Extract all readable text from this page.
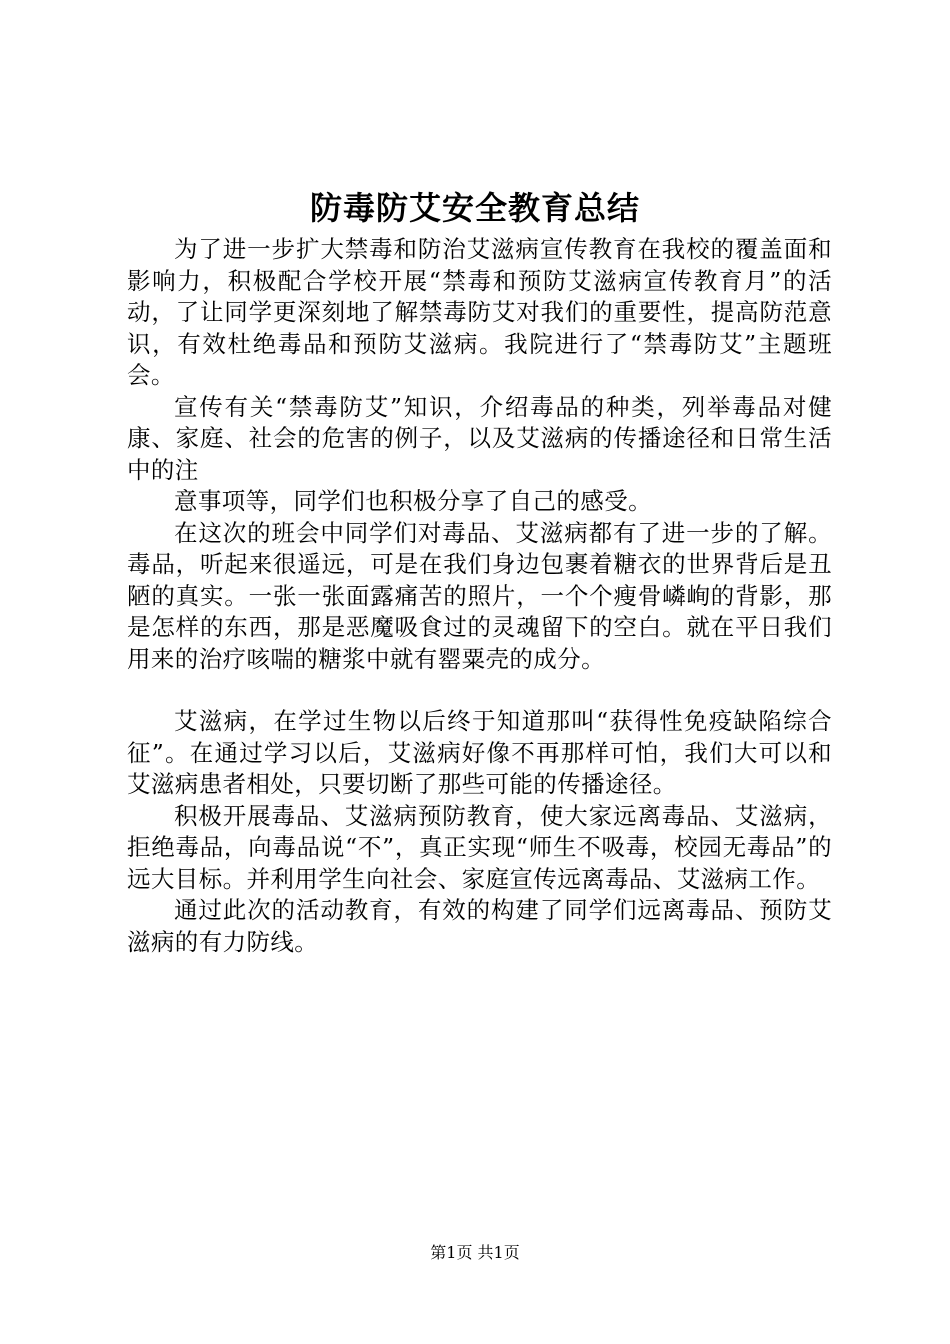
防毒防艾安全教育总结

为了进一步扩大禁毒和防治艾滋病宣传教育在我校的覆盖面和影响力，积极配合学校开展“禁毒和预防艾滋病宣传教育月”的活动，了让同学更深刻地了解禁毒防艾对我们的重要性，提高防范意识，有效杜绝毒品和预防艾滋病。我院进行了“禁毒防艾”主题班会。

宣传有关“禁毒防艾”知识，介绍毒品的种类，列举毒品对健康、家庭、社会的危害的例子，以及艾滋病的传播途径和日常生活中的注

意事项等，同学们也积极分享了自己的感受。

在这次的班会中同学们对毒品、艾滋病都有了进一步的了解。毒品，听起来很遥远，可是在我们身边包裹着糖衣的世界背后是丑陋的真实。一张一张面露痛苦的照片，一个个瘦骨嶙峋的背影，那是怎样的东西，那是恶魔吸食过的灵魂留下的空白。就在平日我们用来的治疗咳喘的糖浆中就有罂粟壳的成分。

艾滋病，在学过生物以后终于知道那叫“获得性免疫缺陷综合征”。在通过学习以后，艾滋病好像不再那样可怕，我们大可以和艾滋病患者相处，只要切断了那些可能的传播途径。

积极开展毒品、艾滋病预防教育，使大家远离毒品、艾滋病，拒绝毒品，向毒品说“不”，真正实现“师生不吸毒，校园无毒品”的远大目标。并利用学生向社会、家庭宣传远离毒品、艾滋病工作。

通过此次的活动教育，有效的构建了同学们远离毒品、预防艾滋病的有力防线。

第1页 共1页
